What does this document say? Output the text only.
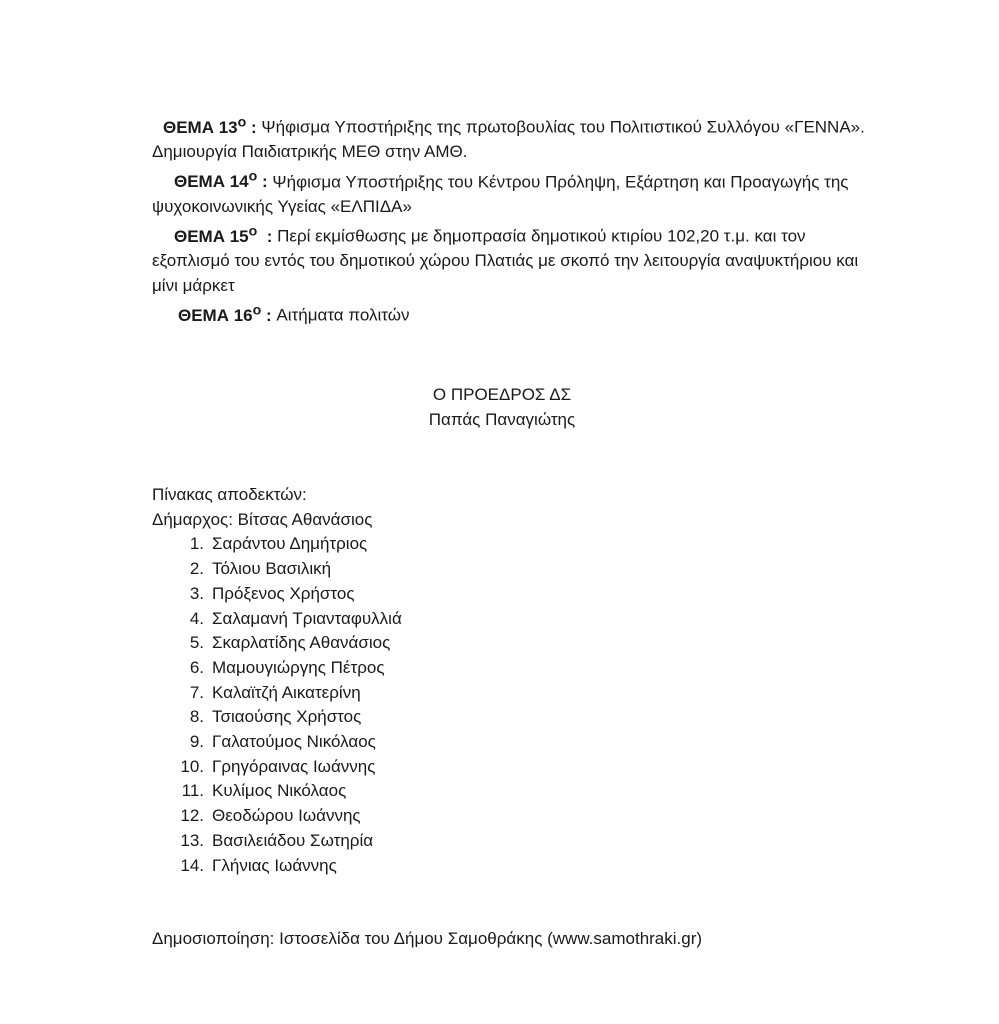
ΘΕΜΑ $13^o$ : Ψήφισμα Υποστήριξης της πρωτοβουλίας του Πολιτιστικού Συλλόγου «ΓΕΝΝΑ». Δημιουργία Παιδιατρικής ΜΕΘ στην ΑΜΘ.

ΘΕΜΑ $14^o$ : Ψήφισμα Υποστήριξης του Κέντρου Πρόληψη, Εξάρτηση και Προαγωγής της ψυχοκοινωνικής Υγείας «ΕΛΠΙΔΑ»

ΘΕΜΑ $15^o$  : Περί εκμίσθωσης με δημοπρασία δημοτικού κτιρίου 102,20 τ.μ. και τον εξοπλισμό του εντός του δημοτικού χώρου Πλατιάς με σκοπό την λειτουργία αναψυκτήριου και μίνι μάρκετ

ΘΕΜΑ $16^o$ : Αιτήματα πολιτών

Ο ΠΡΟΕΔΡΟΣ ΔΣ
Παπάς Παναγιώτης
Πίνακας αποδεκτών:
Δήμαρχος: Βίτσας Αθανάσιος
1. Σαράντου Δημήτριος
2. Τόλιου Βασιλική
3. Πρόξενος Χρήστος
4. Σαλαμανή Τριανταφυλλιά
5. Σκαρλατίδης Αθανάσιος
6. Μαμουγιώργης Πέτρος
7. Καλαϊτζή Αικατερίνη
8. Τσιαούσης Χρήστος
9. Γαλατούμος Νικόλαος
10. Γρηγόραινας Ιωάννης
11. Κυλίμος Νικόλαος
12. Θεοδώρου Ιωάννης
13. Βασιλειάδου Σωτηρία
14. Γλήνιας Ιωάννης
Δημοσιοποίηση: Ιστοσελίδα του Δήμου Σαμοθράκης (www.samothraki.gr)
